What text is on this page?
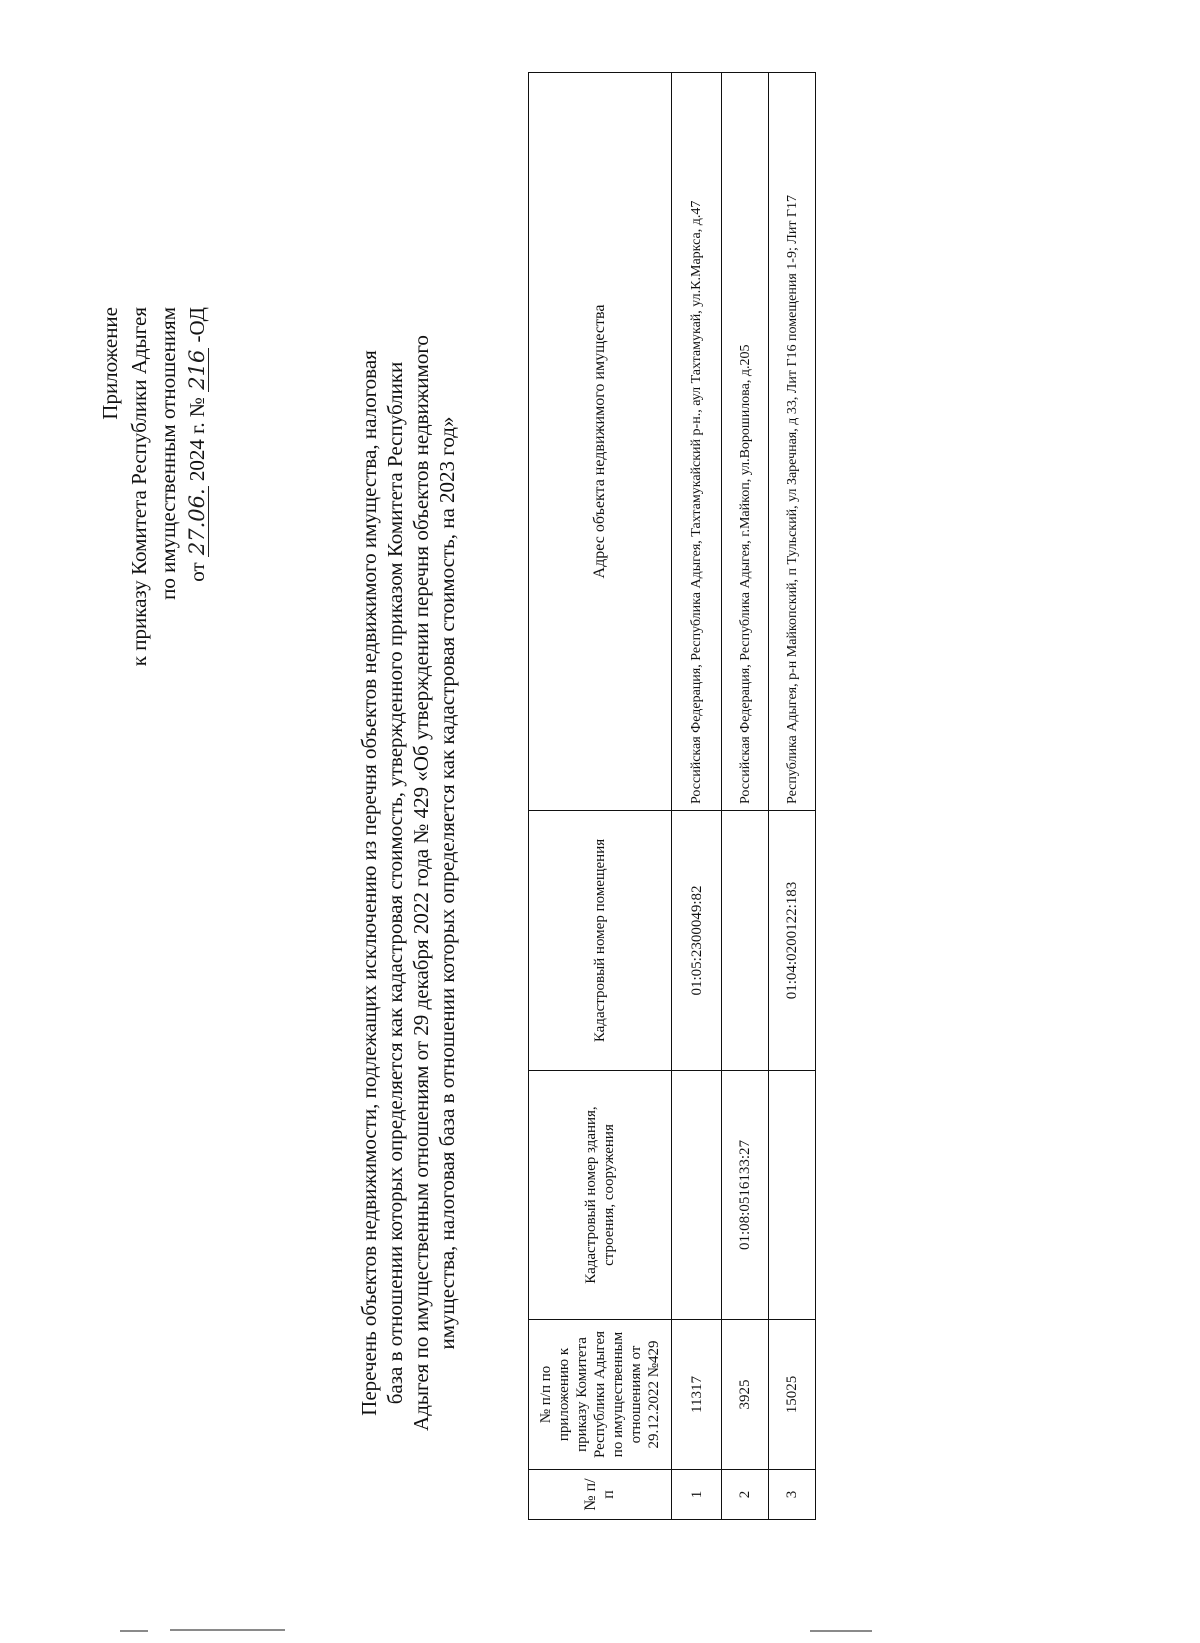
Приложение к приказу Комитета Республики Адыгея по имущественным отношениям от 27.06. 2024 г. № 216 -ОД
Перечень объектов недвижимости, подлежащих исключению из перечня объектов недвижимого имущества, налоговая база в отношении которых определяется как кадастровая стоимость, утвержденного приказом Комитета Республики Адыгея по имущественным отношениям от 29 декабря 2022 года № 429 «Об утверждении перечня объектов недвижимого имущества, налоговая база в отношении которых определяется как кадастровая стоимость, на 2023 год»
№ п/п	№ п/п по приложению к приказу Комитета Республики Адыгея по имущественным отношениям от 29.12.2022 №429	Кадастровый номер здания, строения, сооружения	Кадастровый номер помещения	Адрес объекта недвижимого имущества
1	11317		01:05:2300049:82	Российская Федерация, Республика Адыгея, Тахтамукайский р-н., аул Тахтамукай, ул.К.Маркса, д.47
2	3925	01:08:0516133:27		Российская Федерация, Республика Адыгея, г.Майкоп, ул.Ворошилова, д.205
3	15025		01:04:0200122:183	Республика Адыгея, р-н Майкопский, п Тульский, ул Заречная, д 33, Лит Г16 помещения 1-9; Лит Г17
